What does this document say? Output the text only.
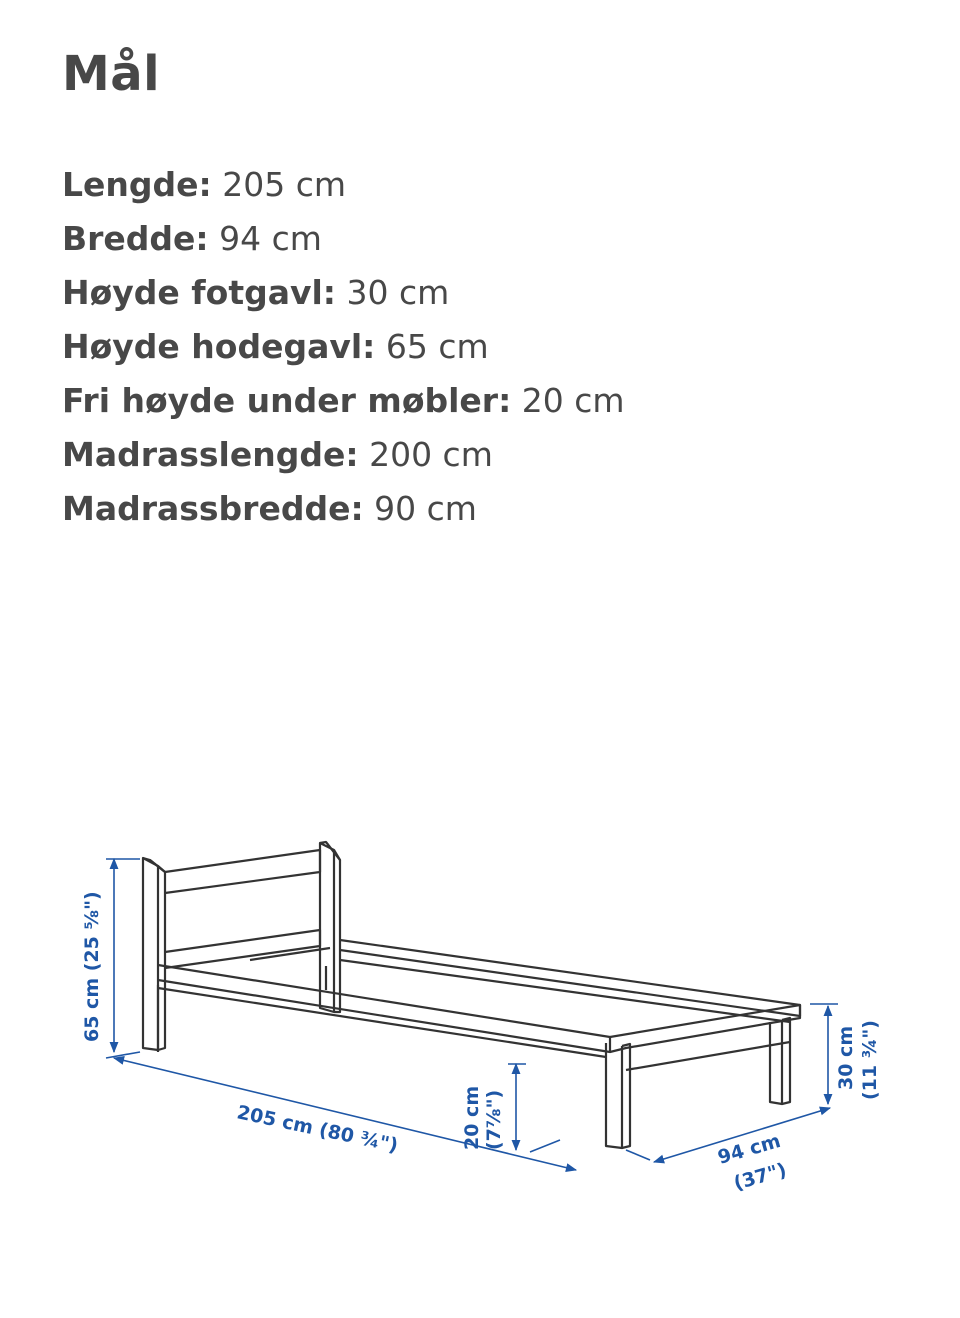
Mål
Lengde: 205 cm
Bredde: 94 cm
Høyde fotgavl: 30 cm
Høyde hodegavl: 65 cm
Fri høyde under møbler: 20 cm
Madrasslengde: 200 cm
Madrassbredde: 90 cm
65 cm (25 ⅝")
205 cm (80 ¾")	20 cm (7⅞")	94 cm
(37")
30 cm (11 ¾")
